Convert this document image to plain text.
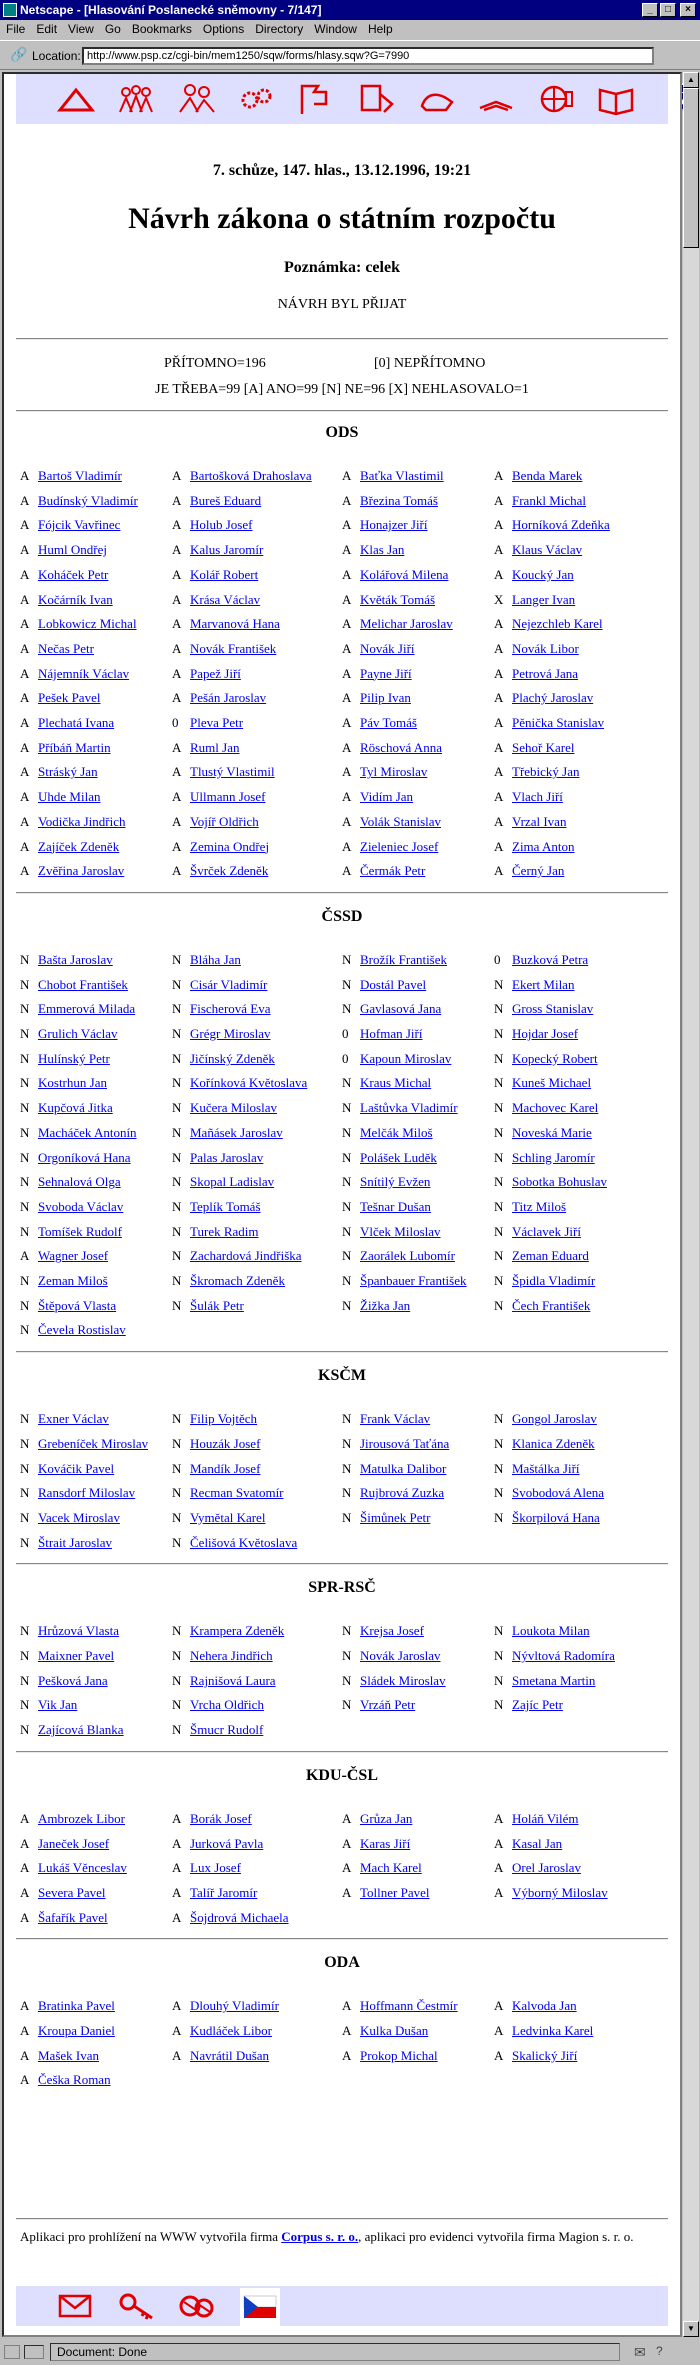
Netscape - [Hlasování Poslanecké sněmovny - 7/147]	_	□	×
File Edit View Go Bookmarks Options Directory Window Help
🔗 Location: http://www.psp.cz/cgi-bin/mem1250/sqw/forms/hlasy.sqw?G=7990
7. schůze, 147. hlas., 13.12.1996, 19:21
Návrh zákona o státním rozpočtu
Poznámka: celek
NÁVRH BYL PŘIJAT
PŘÍTOMNO=196	[0] NEPŘÍTOMNO
JE TŘEBA=99 [A] ANO=99 [N] NE=96 [X] NEHLASOVALO=1
ODS
A Bartoš Vladimír	A Bartošková Drahoslava A Baťka Vlastimil	A Benda Marek
A Budínský Vladimír	A Bureš Eduard	A Březina Tomáš	A Frankl Michal
A Fójcik Vavřinec	A Holub Josef	A Honajzer Jiří	A Horníková Zdeňka
A Huml Ondřej	A Kalus Jaromír	A Klas Jan	A Klaus Václav
A Koháček Petr	A Kolář Robert	A Kolářová Milena	A Koucký Jan
A Kočárník Ivan	A Krása Václav	A Květák Tomáš	X Langer Ivan
A Lobkowicz Michal	A Marvanová Hana	A Melichar Jaroslav	A Nejezchleb Karel
A Nečas Petr	A Novák František	A Novák Jiří	A Novák Libor
A Nájemník Václav	A Papež Jiří	A Payne Jiří	A Petrová Jana
A Pešek Pavel	A Pešán Jaroslav	A Pilip Ivan	A Plachý Jaroslav
A Plechatá Ivana	0 Pleva Petr	A Páv Tomáš	A Pěnička Stanislav
A Příbáň Martin	A Ruml Jan	A Röschová Anna	A Sehoř Karel
A Stráský Jan	A Tlustý Vlastimil	A Tyl Miroslav	A Třebický Jan
A Uhde Milan	A Ullmann Josef	A Vidím Jan	A Vlach Jiří
A Vodička Jindřich	A Vojíř Oldřich	A Volák Stanislav	A Vrzal Ivan
A Zajíček Zdeněk	A Zemina Ondřej	A Zieleniec Josef	A Zima Anton
A Zvěřina Jaroslav	A Švrček Zdeněk	A Čermák Petr	A Černý Jan
ČSSD
N Bašta Jaroslav	N Bláha Jan	N Brožík František	0 Buzková Petra
N Chobot František	N Cisár Vladimír	N Dostál Pavel	N Ekert Milan
N Emmerová Milada	N Fischerová Eva	N Gavlasová Jana	N Gross Stanislav
N Grulich Václav	N Grégr Miroslav	0 Hofman Jiří	N Hojdar Josef
N Hulínský Petr	N Jičínský Zdeněk	0 Kapoun Miroslav	N Kopecký Robert
N Kostrhun Jan	N Kořínková Květoslava	N Kraus Michal	N Kuneš Michael
N Kupčová Jitka	N Kučera Miloslav	N Laštůvka Vladimír	N Machovec Karel
N Macháček Antonín	N Mañásek Jaroslav	N Melčák Miloš	N Noveská Marie
N Orgoníková Hana	N Palas Jaroslav	N Polášek Luděk	N Schling Jaromír
N Sehnalová Olga	N Skopal Ladislav	N Snítilý Evžen	N Sobotka Bohuslav
N Svoboda Václav	N Teplík Tomáš	N Tešnar Dušan	N Titz Miloš
N Tomíšek Rudolf	N Turek Radim	N Vlček Miloslav	N Václavek Jiří
A Wagner Josef	N Zachardová Jindřiška	N Zaorálek Lubomír	N Zeman Eduard
N Zeman Miloš	N Škromach Zdeněk	N Španbauer František N Špidla Vladimír
N Štěpová Vlasta	N Šulák Petr	N Žižka Jan	N Čech František
N Čevela Rostislav
KSČM
N Exner Václav	N Filip Vojtěch	N Frank Václav	N Gongol Jaroslav
N Grebeníček Miroslav N Houzák Josef	N Jirousová Taťána	N Klanica Zdeněk
N Kováčik Pavel	N Mandík Josef	N Matulka Dalibor	N Maštálka Jiří
N Ransdorf Miloslav	N Recman Svatomír	N Rujbrová Zuzka	N Svobodová Alena
N Vacek Miroslav	N Vymětal Karel	N Šimůnek Petr	N Škorpilová Hana
N Štrait Jaroslav	N Čelišová Květoslava
SPR-RSČ
N Hrůzová Vlasta	N Krampera Zdeněk	N Krejsa Josef	N Loukota Milan
N Maixner Pavel	N Nehera Jindřich	N Novák Jaroslav	N Nývltová Radomíra
N Pešková Jana	N Rajnišová Laura	N Sládek Miroslav	N Smetana Martin
N Vik Jan	N Vrcha Oldřich	N Vrzáň Petr	N Zajíc Petr
N Zajícová Blanka	N Šmucr Rudolf
KDU-ČSL
A Ambrozek Libor	A Borák Josef	A Grůza Jan	A Holáň Vilém
A Janeček Josef	A Jurková Pavla	A Karas Jiří	A Kasal Jan
A Lukáš Věnceslav	A Lux Josef	A Mach Karel	A Orel Jaroslav
A Severa Pavel	A Talíř Jaromír	A Tollner Pavel	A Výborný Miloslav
A Šafařík Pavel	A Šojdrová Michaela
ODA
A Bratinka Pavel	A Dlouhý Vladimír	A Hoffmann Čestmír	A Kalvoda Jan
A Kroupa Daniel	A Kudláček Libor	A Kulka Dušan	A Ledvinka Karel
A Mašek Ivan	A Navrátil Dušan	A Prokop Michal	A Skalický Jiří
A Češka Roman
Aplikaci pro prohlížení na WWW vytvořila firma Corpus s. r. o., aplikaci pro evidenci vytvořila firma Magion s. r. o.
▲
▼
Document: Done	✉ ?
